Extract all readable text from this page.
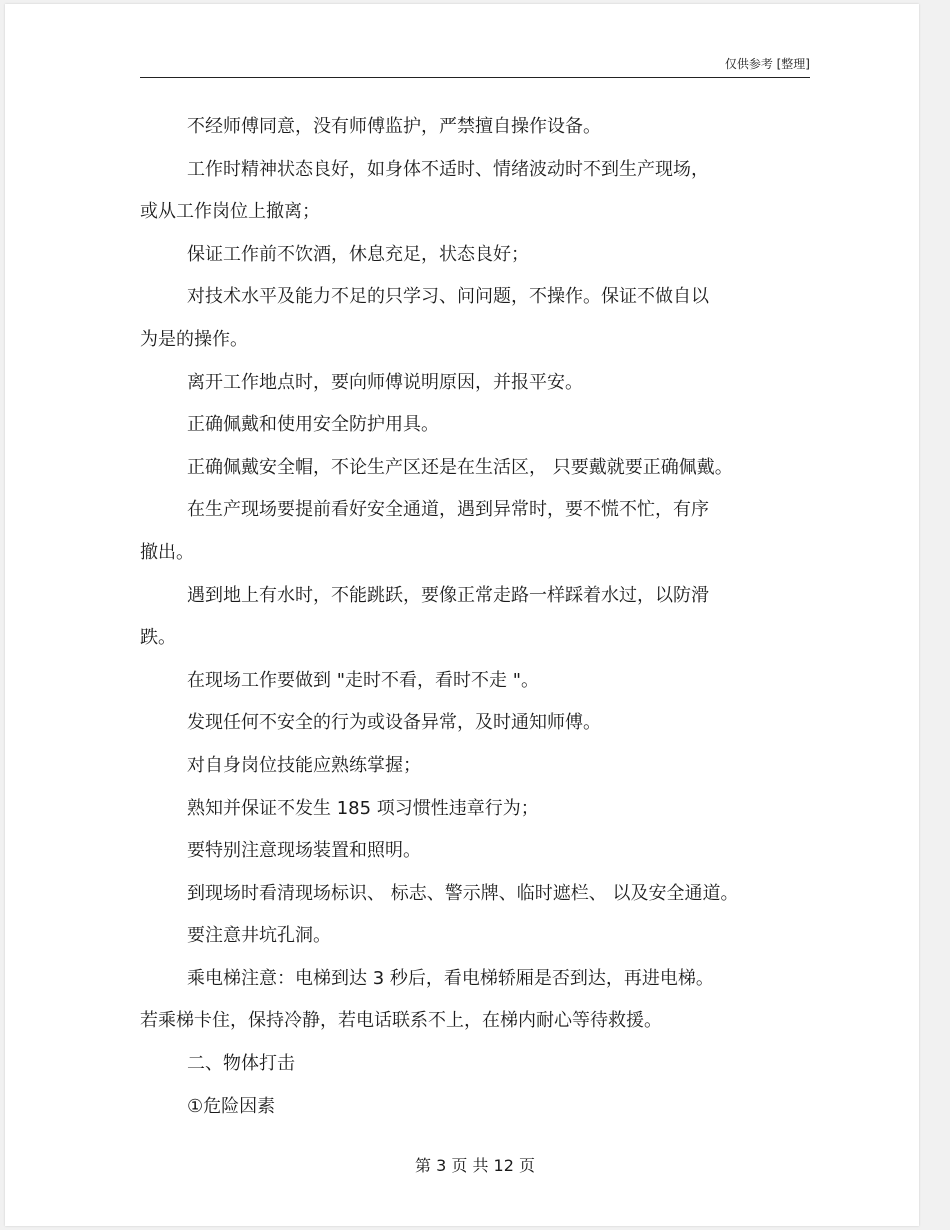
仅供参考 [整理]
不经师傅同意，没有师傅监护，严禁擅自操作设备。
工作时精神状态良好，如身体不适时、情绪波动时不到生产现场，
或从工作岗位上撤离；
保证工作前不饮酒，休息充足，状态良好；
对技术水平及能力不足的只学习、问问题，不操作。保证不做自以
为是的操作。
离开工作地点时，要向师傅说明原因，并报平安。
正确佩戴和使用安全防护用具。
正确佩戴安全帽，不论生产区还是在生活区， 只要戴就要正确佩戴。
在生产现场要提前看好安全通道，遇到异常时，要不慌不忙，有序
撤出。
遇到地上有水时，不能跳跃，要像正常走路一样踩着水过，以防滑
跌。
在现场工作要做到 "走时不看，看时不走 "。
发现任何不安全的行为或设备异常，及时通知师傅。
对自身岗位技能应熟练掌握；
熟知并保证不发生 185 项习惯性违章行为；
要特别注意现场装置和照明。
到现场时看清现场标识、 标志、警示牌、临时遮栏、 以及安全通道。
要注意井坑孔洞。
乘电梯注意：电梯到达 3 秒后，看电梯轿厢是否到达，再进电梯。
若乘梯卡住，保持冷静，若电话联系不上，在梯内耐心等待救援。
二、物体打击
①危险因素
第 3 页 共 12 页
